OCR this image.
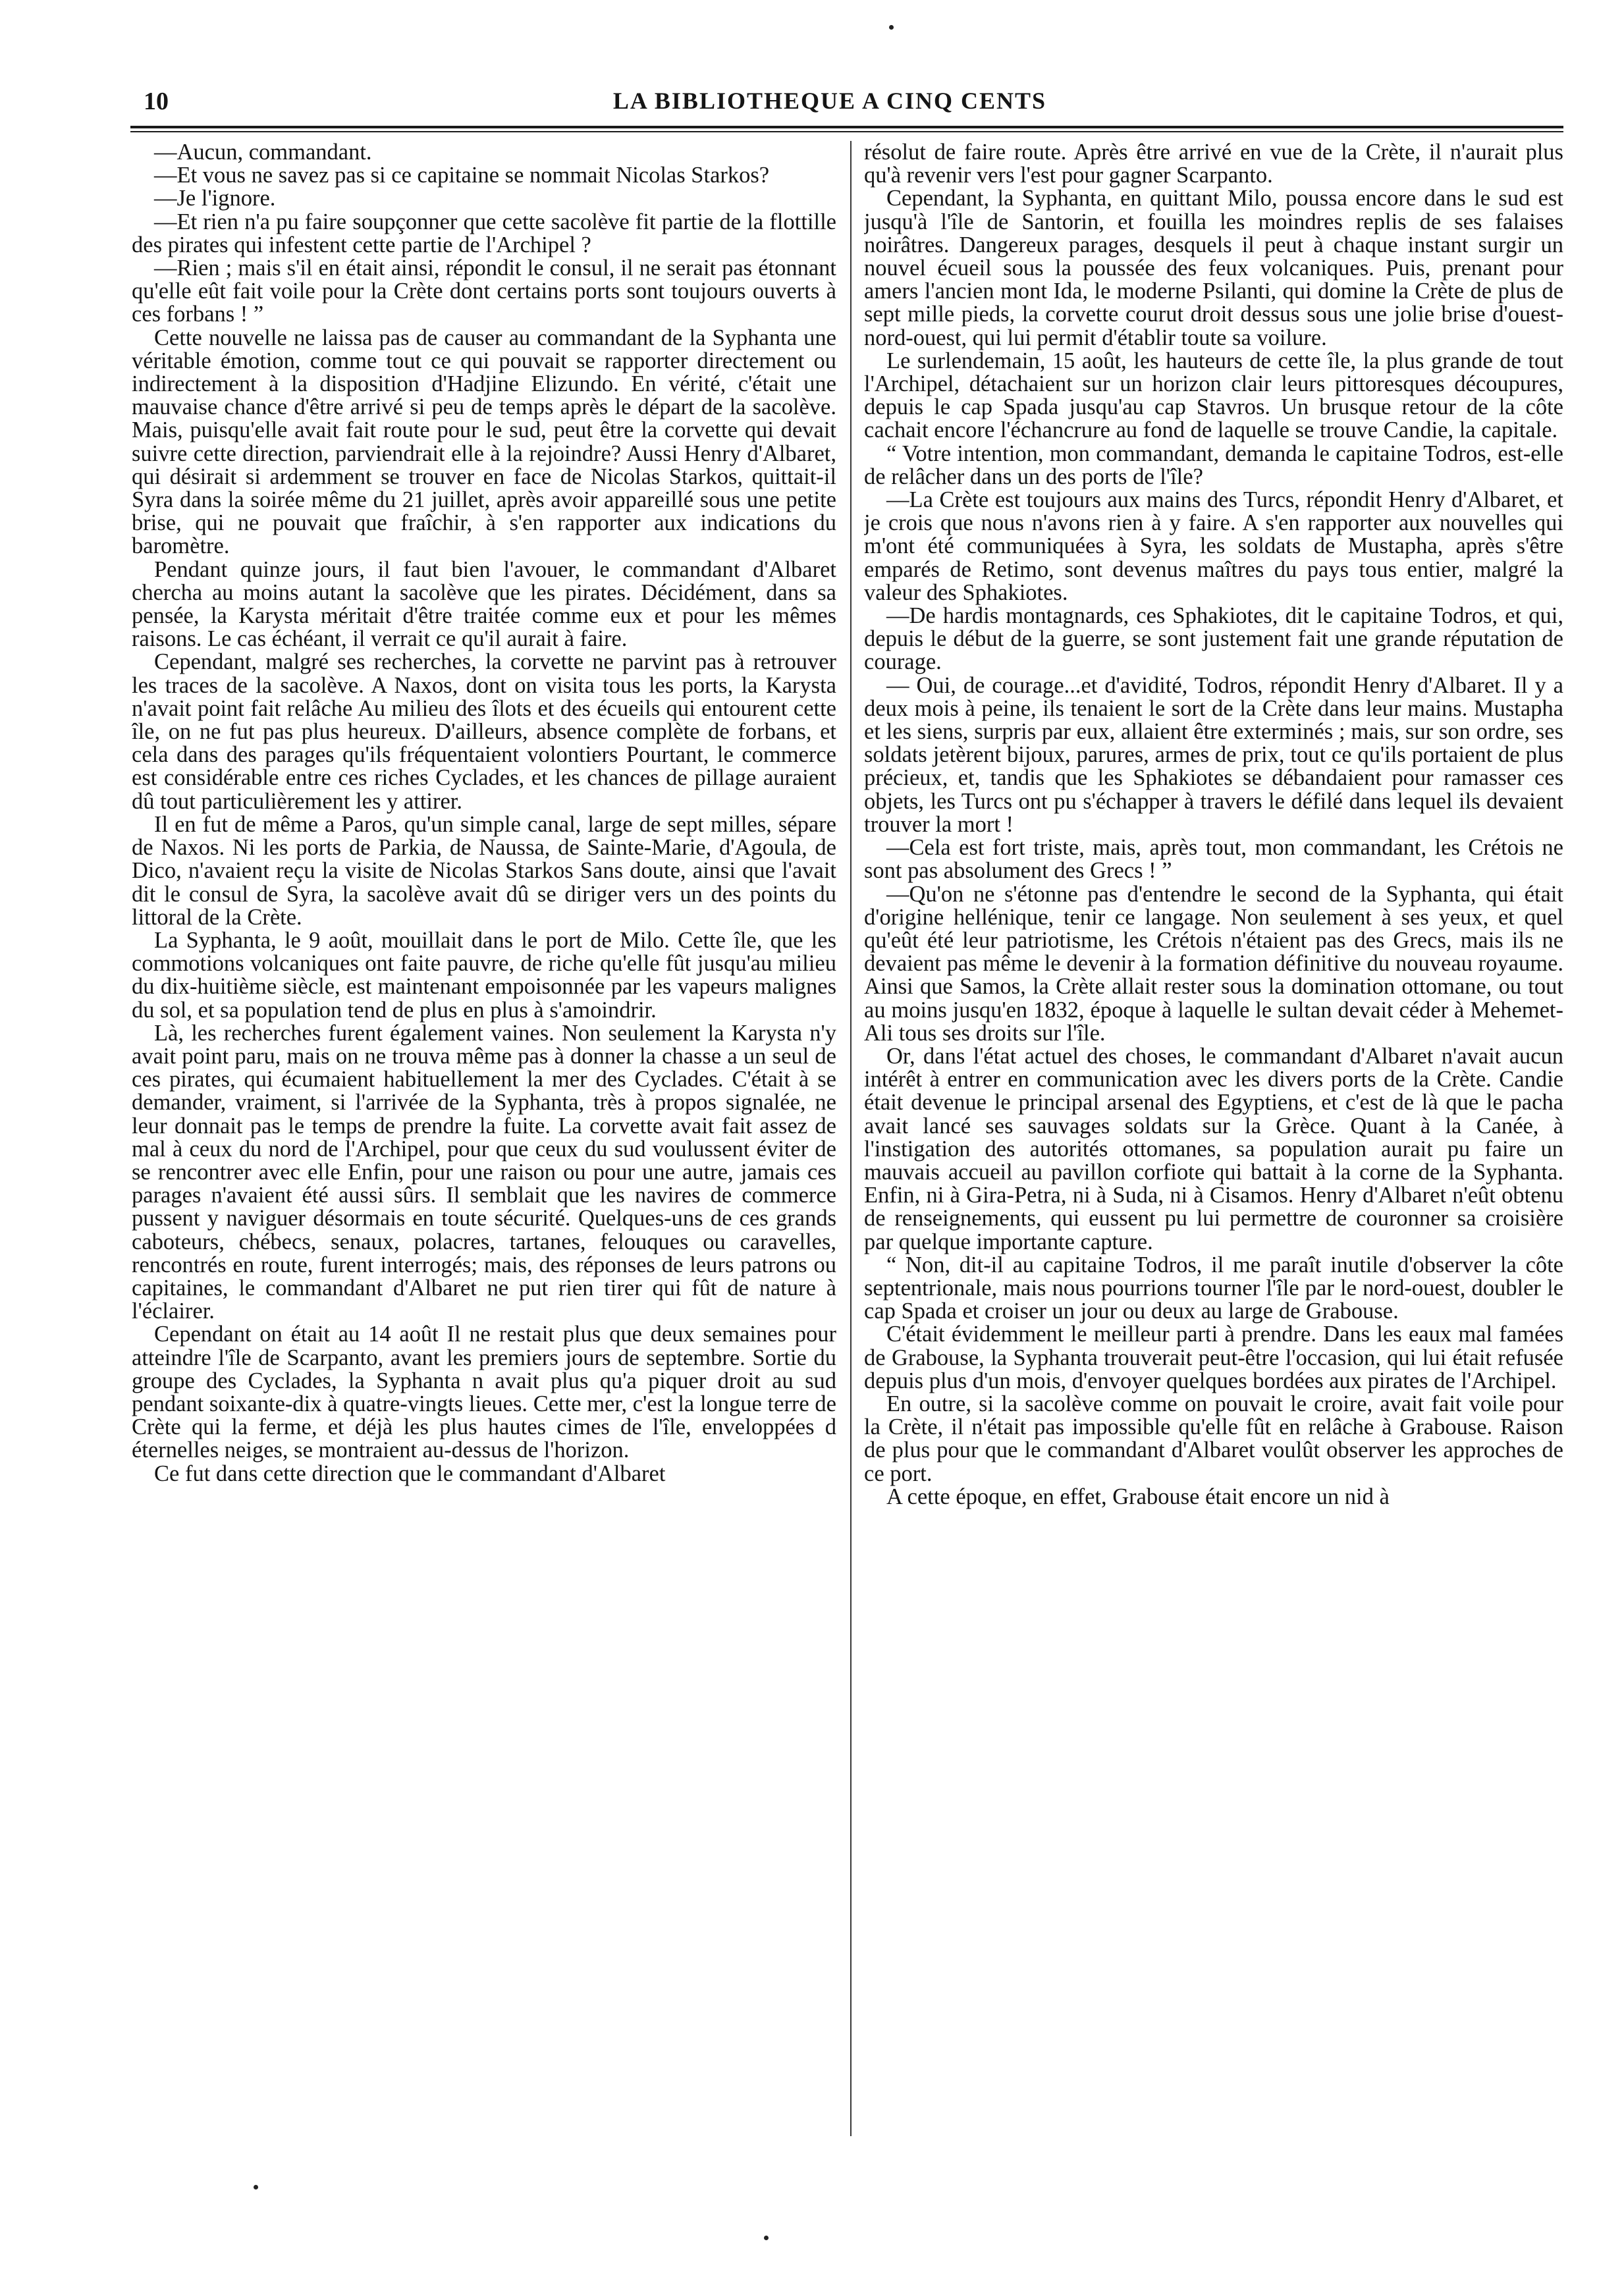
10	LA BIBLIOTHEQUE A CINQ CENTS

—Aucun, commandant.

—Et vous ne savez pas si ce capitaine se nommait Nicolas Starkos?

—Je l'ignore.

—Et rien n'a pu faire soupçonner que cette sacolève fit partie de la flottille des pirates qui infestent cette partie de l'Archipel ?

—Rien ; mais s'il en était ainsi, répondit le consul, il ne serait pas étonnant qu'elle eût fait voile pour la Crète dont certains ports sont toujours ouverts à ces forbans ! ”

Cette nouvelle ne laissa pas de causer au commandant de la Syphanta une véritable émotion, comme tout ce qui pouvait se rapporter directement ou indirectement à la disposition d'Hadjine Elizundo. En vérité, c'était une mauvaise chance d'être arrivé si peu de temps après le départ de la sacolève. Mais, puisqu'elle avait fait route pour le sud, peut être la corvette qui devait suivre cette direction, parviendrait elle à la rejoindre? Aussi Henry d'Albaret, qui désirait si ardemment se trouver en face de Nicolas Starkos, quittait-il Syra dans la soirée même du 21 juillet, après avoir appareillé sous une petite brise, qui ne pouvait que fraîchir, à s'en rapporter aux indications du baromètre.

Pendant quinze jours, il faut bien l'avouer, le commandant d'Albaret chercha au moins autant la sacolève que les pirates. Décidément, dans sa pensée, la Karysta méritait d'être traitée comme eux et pour les mêmes raisons. Le cas échéant, il verrait ce qu'il aurait à faire.

Cependant, malgré ses recherches, la corvette ne parvint pas à retrouver les traces de la sacolève. A Naxos, dont on visita tous les ports, la Karysta n'avait point fait relâche Au milieu des îlots et des écueils qui entourent cette île, on ne fut pas plus heureux. D'ailleurs, absence complète de forbans, et cela dans des parages qu'ils fréquentaient volontiers Pourtant, le commerce est considérable entre ces riches Cyclades, et les chances de pillage auraient dû tout particulièrement les y attirer.

Il en fut de même a Paros, qu'un simple canal, large de sept milles, sépare de Naxos. Ni les ports de Parkia, de Naussa, de Sainte-Marie, d'Agoula, de Dico, n'avaient reçu la visite de Nicolas Starkos Sans doute, ainsi que l'avait dit le consul de Syra, la sacolève avait dû se diriger vers un des points du littoral de la Crète.

La Syphanta, le 9 août, mouillait dans le port de Milo. Cette île, que les commotions volcaniques ont faite pauvre, de riche qu'elle fût jusqu'au milieu du dix-huitième siècle, est maintenant empoisonnée par les vapeurs malignes du sol, et sa population tend de plus en plus à s'amoindrir.

Là, les recherches furent également vaines. Non seulement la Karysta n'y avait point paru, mais on ne trouva même pas à donner la chasse a un seul de ces pirates, qui écumaient habituellement la mer des Cyclades. C'était à se demander, vraiment, si l'arrivée de la Syphanta, très à propos signalée, ne leur donnait pas le temps de prendre la fuite. La corvette avait fait assez de mal à ceux du nord de l'Archipel, pour que ceux du sud voulussent éviter de se rencontrer avec elle Enfin, pour une raison ou pour une autre, jamais ces parages n'avaient été aussi sûrs. Il semblait que les navires de commerce pussent y naviguer désormais en toute sécurité. Quelques-uns de ces grands caboteurs, chébecs, senaux, polacres, tartanes, felouques ou caravelles, rencontrés en route, furent interrogés; mais, des réponses de leurs patrons ou capitaines, le commandant d'Albaret ne put rien tirer qui fût de nature à l'éclairer.

Cependant on était au 14 août Il ne restait plus que deux semaines pour atteindre l'île de Scarpanto, avant les premiers jours de septembre. Sortie du groupe des Cyclades, la Syphanta n avait plus qu'a piquer droit au sud pendant soixante-dix à quatre-vingts lieues. Cette mer, c'est la longue terre de Crète qui la ferme, et déjà les plus hautes cimes de l'île, enveloppées d éternelles neiges, se montraient au-dessus de l'horizon.

Ce fut dans cette direction que le commandant d'Albaret

résolut de faire route. Après être arrivé en vue de la Crète, il n'aurait plus qu'à revenir vers l'est pour gagner Scarpanto.

Cependant, la Syphanta, en quittant Milo, poussa encore dans le sud est jusqu'à l'île de Santorin, et fouilla les moindres replis de ses falaises noirâtres. Dangereux parages, desquels il peut à chaque instant surgir un nouvel écueil sous la poussée des feux volcaniques. Puis, prenant pour amers l'ancien mont Ida, le moderne Psilanti, qui domine la Crète de plus de sept mille pieds, la corvette courut droit dessus sous une jolie brise d'ouest-nord-ouest, qui lui permit d'établir toute sa voilure.

Le surlendemain, 15 août, les hauteurs de cette île, la plus grande de tout l'Archipel, détachaient sur un horizon clair leurs pittoresques découpures, depuis le cap Spada jusqu'au cap Stavros. Un brusque retour de la côte cachait encore l'échancrure au fond de laquelle se trouve Candie, la capitale.

“ Votre intention, mon commandant, demanda le capitaine Todros, est-elle de relâcher dans un des ports de l'île?

—La Crète est toujours aux mains des Turcs, répondit Henry d'Albaret, et je crois que nous n'avons rien à y faire. A s'en rapporter aux nouvelles qui m'ont été communiquées à Syra, les soldats de Mustapha, après s'être emparés de Retimo, sont devenus maîtres du pays tous entier, malgré la valeur des Sphakiotes.

—De hardis montagnards, ces Sphakiotes, dit le capitaine Todros, et qui, depuis le début de la guerre, se sont justement fait une grande réputation de courage.

— Oui, de courage...et d'avidité, Todros, répondit Henry d'Albaret. Il y a deux mois à peine, ils tenaient le sort de la Crète dans leur mains. Mustapha et les siens, surpris par eux, allaient être exterminés ; mais, sur son ordre, ses soldats jetèrent bijoux, parures, armes de prix, tout ce qu'ils portaient de plus précieux, et, tandis que les Sphakiotes se débandaient pour ramasser ces objets, les Turcs ont pu s'échapper à travers le défilé dans lequel ils devaient trouver la mort !

—Cela est fort triste, mais, après tout, mon commandant, les Crétois ne sont pas absolument des Grecs ! ”

—Qu'on ne s'étonne pas d'entendre le second de la Syphanta, qui était d'origine hellénique, tenir ce langage. Non seulement à ses yeux, et quel qu'eût été leur patriotisme, les Crétois n'étaient pas des Grecs, mais ils ne devaient pas même le devenir à la formation définitive du nouveau royaume. Ainsi que Samos, la Crète allait rester sous la domination ottomane, ou tout au moins jusqu'en 1832, époque à laquelle le sultan devait céder à Mehemet-Ali tous ses droits sur l'île.

Or, dans l'état actuel des choses, le commandant d'Albaret n'avait aucun intérêt à entrer en communication avec les divers ports de la Crète. Candie était devenue le principal arsenal des Egyptiens, et c'est de là que le pacha avait lancé ses sauvages soldats sur la Grèce. Quant à la Canée, à l'instigation des autorités ottomanes, sa population aurait pu faire un mauvais accueil au pavillon corfiote qui battait à la corne de la Syphanta. Enfin, ni à Gira-Petra, ni à Suda, ni à Cisamos. Henry d'Albaret n'eût obtenu de renseignements, qui eussent pu lui permettre de couronner sa croisière par quelque importante capture.

“ Non, dit-il au capitaine Todros, il me paraît inutile d'observer la côte septentrionale, mais nous pourrions tourner l'île par le nord-ouest, doubler le cap Spada et croiser un jour ou deux au large de Grabouse.

C'était évidemment le meilleur parti à prendre. Dans les eaux mal famées de Grabouse, la Syphanta trouverait peut-être l'occasion, qui lui était refusée depuis plus d'un mois, d'envoyer quelques bordées aux pirates de l'Archipel.

En outre, si la sacolève comme on pouvait le croire, avait fait voile pour la Crète, il n'était pas impossible qu'elle fût en relâche à Grabouse. Raison de plus pour que le commandant d'Albaret voulût observer les approches de ce port.

A cette époque, en effet, Grabouse était encore un nid à
